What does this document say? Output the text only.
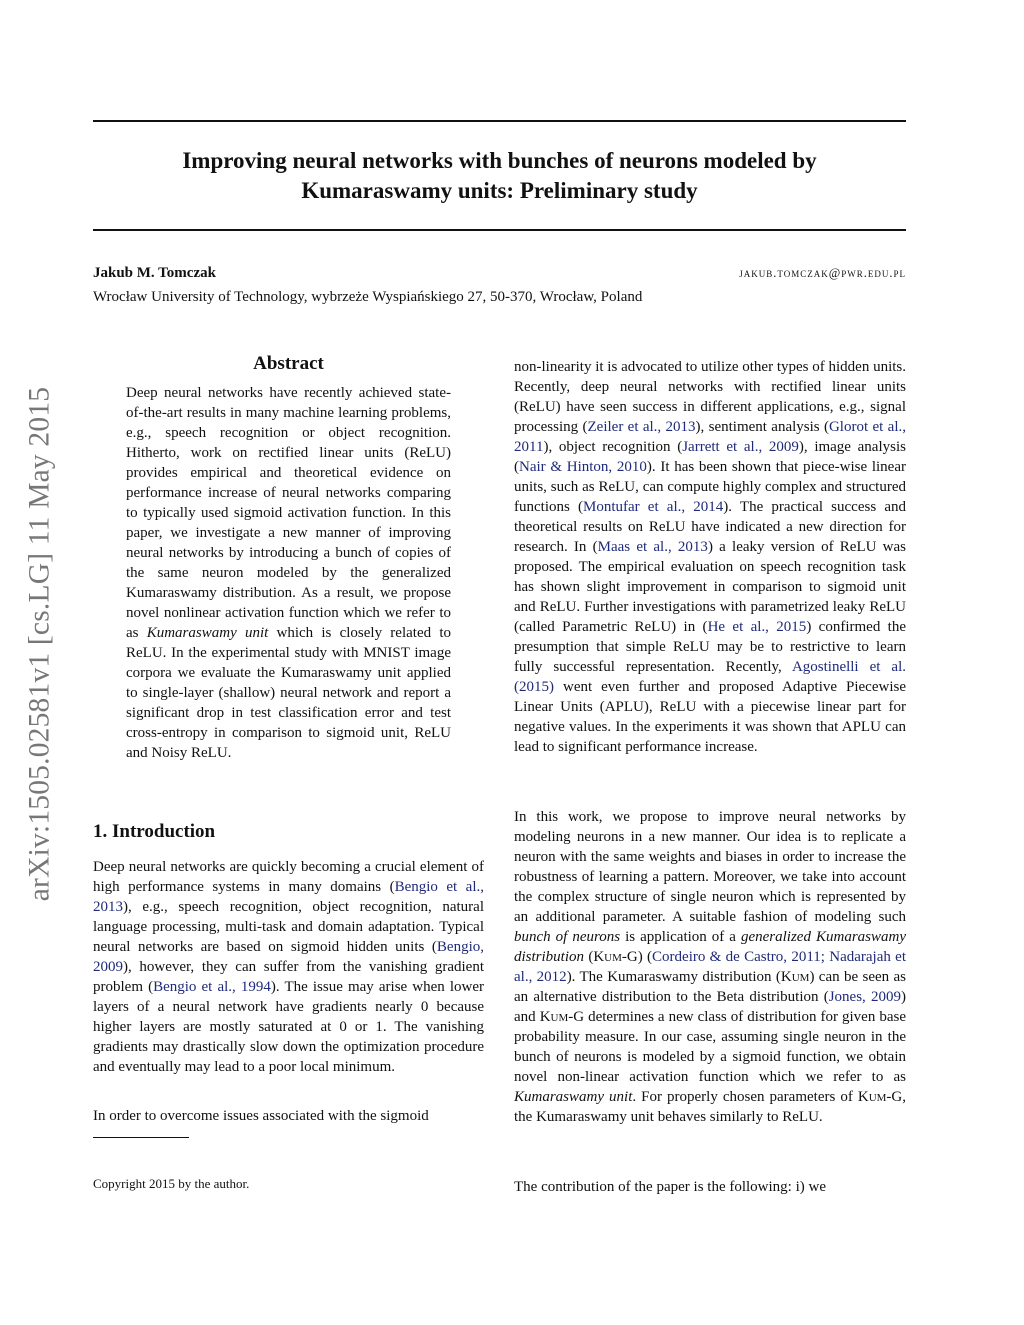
Improving neural networks with bunches of neurons modeled by
Kumaraswamy units: Preliminary study
Jakub M. Tomczak	jakub.tomczak@pwr.edu.pl
Wrocław University of Technology, wybrzeże Wyspiańskiego 27, 50-370, Wrocław, Poland
arXiv:1505.02581v1 [cs.LG] 11 May 2015
Abstract
Deep neural networks have recently achieved state-of-the-art results in many machine learning problems, e.g., speech recognition or object recognition. Hitherto, work on rectified linear units (ReLU) provides empirical and theoretical evidence on performance increase of neural networks comparing to typically used sigmoid activation function. In this paper, we investigate a new manner of improving neural networks by introducing a bunch of copies of the same neuron modeled by the generalized Kumaraswamy distribution. As a result, we propose novel nonlinear activation function which we refer to as Kumaraswamy unit which is closely related to ReLU. In the experimental study with MNIST image corpora we evaluate the Kumaraswamy unit applied to single-layer (shallow) neural network and report a significant drop in test classification error and test cross-entropy in comparison to sigmoid unit, ReLU and Noisy ReLU.
1. Introduction
Deep neural networks are quickly becoming a crucial element of high performance systems in many domains (Bengio et al., 2013), e.g., speech recognition, object recognition, natural language processing, multi-task and domain adaptation. Typical neural networks are based on sigmoid hidden units (Bengio, 2009), however, they can suffer from the vanishing gradient problem (Bengio et al., 1994). The issue may arise when lower layers of a neural network have gradients nearly 0 because higher layers are mostly saturated at 0 or 1. The vanishing gradients may drastically slow down the optimization procedure and eventually may lead to a poor local minimum.
In order to overcome issues associated with the sigmoid
Copyright 2015 by the author.
non-linearity it is advocated to utilize other types of hidden units. Recently, deep neural networks with rectified linear units (ReLU) have seen success in different applications, e.g., signal processing (Zeiler et al., 2013), sentiment analysis (Glorot et al., 2011), object recognition (Jarrett et al., 2009), image analysis (Nair & Hinton, 2010). It has been shown that piece-wise linear units, such as ReLU, can compute highly complex and structured functions (Montufar et al., 2014). The practical success and theoretical results on ReLU have indicated a new direction for research. In (Maas et al., 2013) a leaky version of ReLU was proposed. The empirical evaluation on speech recognition task has shown slight improvement in comparison to sigmoid unit and ReLU. Further investigations with parametrized leaky ReLU (called Parametric ReLU) in (He et al., 2015) confirmed the presumption that simple ReLU may be to restrictive to learn fully successful representation. Recently, Agostinelli et al. (2015) went even further and proposed Adaptive Piecewise Linear Units (APLU), ReLU with a piecewise linear part for negative values. In the experiments it was shown that APLU can lead to significant performance increase.
In this work, we propose to improve neural networks by modeling neurons in a new manner. Our idea is to replicate a neuron with the same weights and biases in order to increase the robustness of learning a pattern. Moreover, we take into account the complex structure of single neuron which is represented by an additional parameter. A suitable fashion of modeling such bunch of neurons is application of a generalized Kumaraswamy distribution (Kum-G) (Cordeiro & de Castro, 2011; Nadarajah et al., 2012). The Kumaraswamy distribution (Kum) can be seen as an alternative distribution to the Beta distribution (Jones, 2009) and Kum-G determines a new class of distribution for given base probability measure. In our case, assuming single neuron in the bunch of neurons is modeled by a sigmoid function, we obtain novel non-linear activation function which we refer to as Kumaraswamy unit. For properly chosen parameters of Kum-G, the Kumaraswamy unit behaves similarly to ReLU.
The contribution of the paper is the following: i) we
